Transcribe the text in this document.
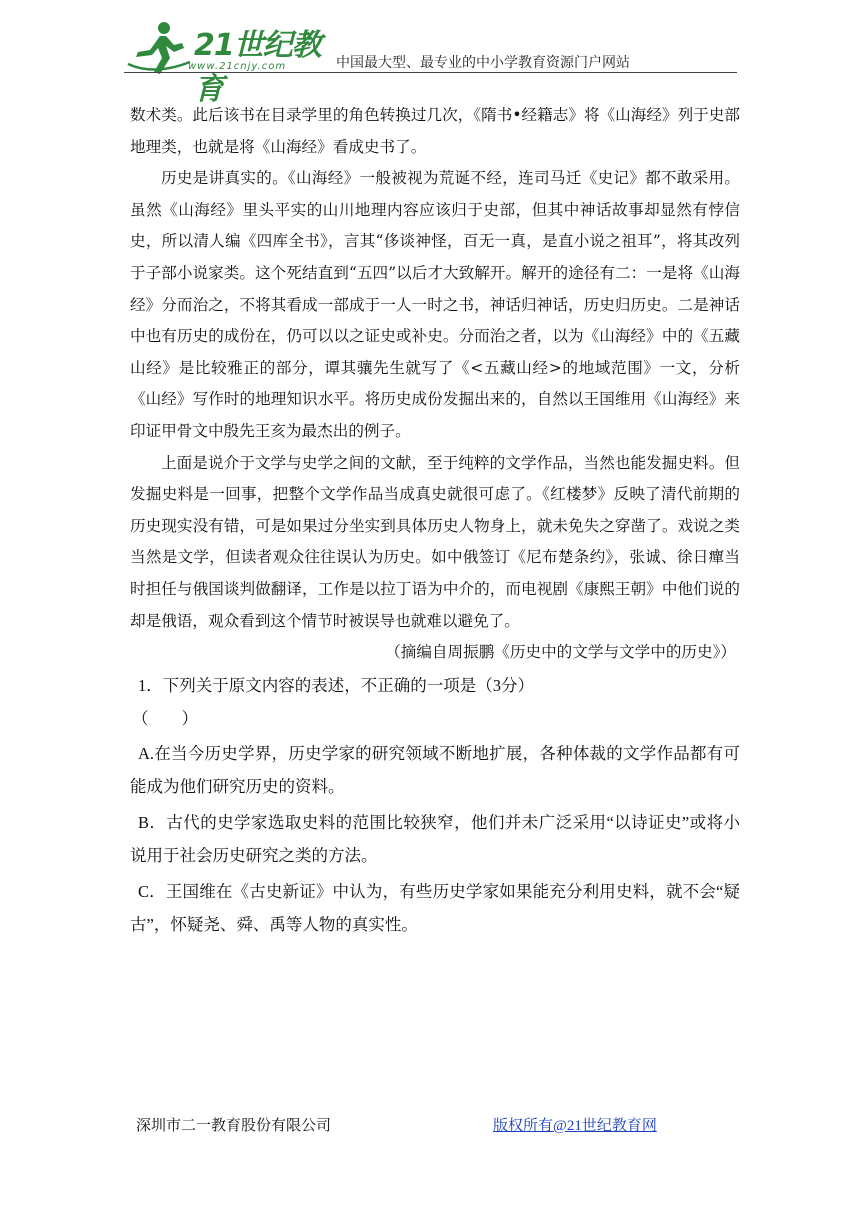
21世纪教育
www.21cnjy.com	中国最大型、最专业的中小学教育资源门户网站

数术类。此后该书在目录学里的角色转换过几次，《隋书•经籍志》将《山海经》列于史部地理类，也就是将《山海经》看成史书了。

历史是讲真实的。《山海经》一般被视为荒诞不经，连司马迁《史记》都不敢采用。虽然《山海经》里头平实的山川地理内容应该归于史部，但其中神话故事却显然有悖信史，所以清人编《四库全书》，言其“侈谈神怪，百无一真，是直小说之祖耳”，将其改列于子部小说家类。这个死结直到“五四”以后才大致解开。解开的途径有二：一是将《山海经》分而治之，不将其看成一部成于一人一时之书，神话归神话，历史归历史。二是神话中也有历史的成份在，仍可以以之证史或补史。分而治之者，以为《山海经》中的《五藏山经》是比较雅正的部分，谭其骧先生就写了《<五藏山经>的地域范围》一文，分析《山经》写作时的地理知识水平。将历史成份发掘出来的，自然以王国维用《山海经》来印证甲骨文中殷先王亥为最杰出的例子。

上面是说介于文学与史学之间的文献，至于纯粹的文学作品，当然也能发掘史料。但发掘史料是一回事，把整个文学作品当成真史就很可虑了。《红楼梦》反映了清代前期的历史现实没有错，可是如果过分坐实到具体历史人物身上，就未免失之穿凿了。戏说之类当然是文学，但读者观众往往误认为历史。如中俄签订《尼布楚条约》，张诚、徐日癉当时担任与俄国谈判做翻译，工作是以拉丁语为中介的，而电视剧《康熙王朝》中他们说的却是俄语，观众看到这个情节时被误导也就难以避免了。

（摘编自周振鹏《历史中的文学与文学中的历史》）

1．下列关于原文内容的表述，不正确的一项是（3分）

（　　）

A.在当今历史学界，历史学家的研究领域不断地扩展，各种体裁的文学作品都有可能成为他们研究历史的资料。

B．古代的史学家选取史料的范围比较狭窄，他们并未广泛采用“以诗证史”或将小说用于社会历史研究之类的方法。

C．王国维在《古史新证》中认为，有些历史学家如果能充分利用史料，就不会“疑古”，怀疑尧、舜、禹等人物的真实性。

深圳市二一教育股份有限公司	版权所有@21世纪教育网
